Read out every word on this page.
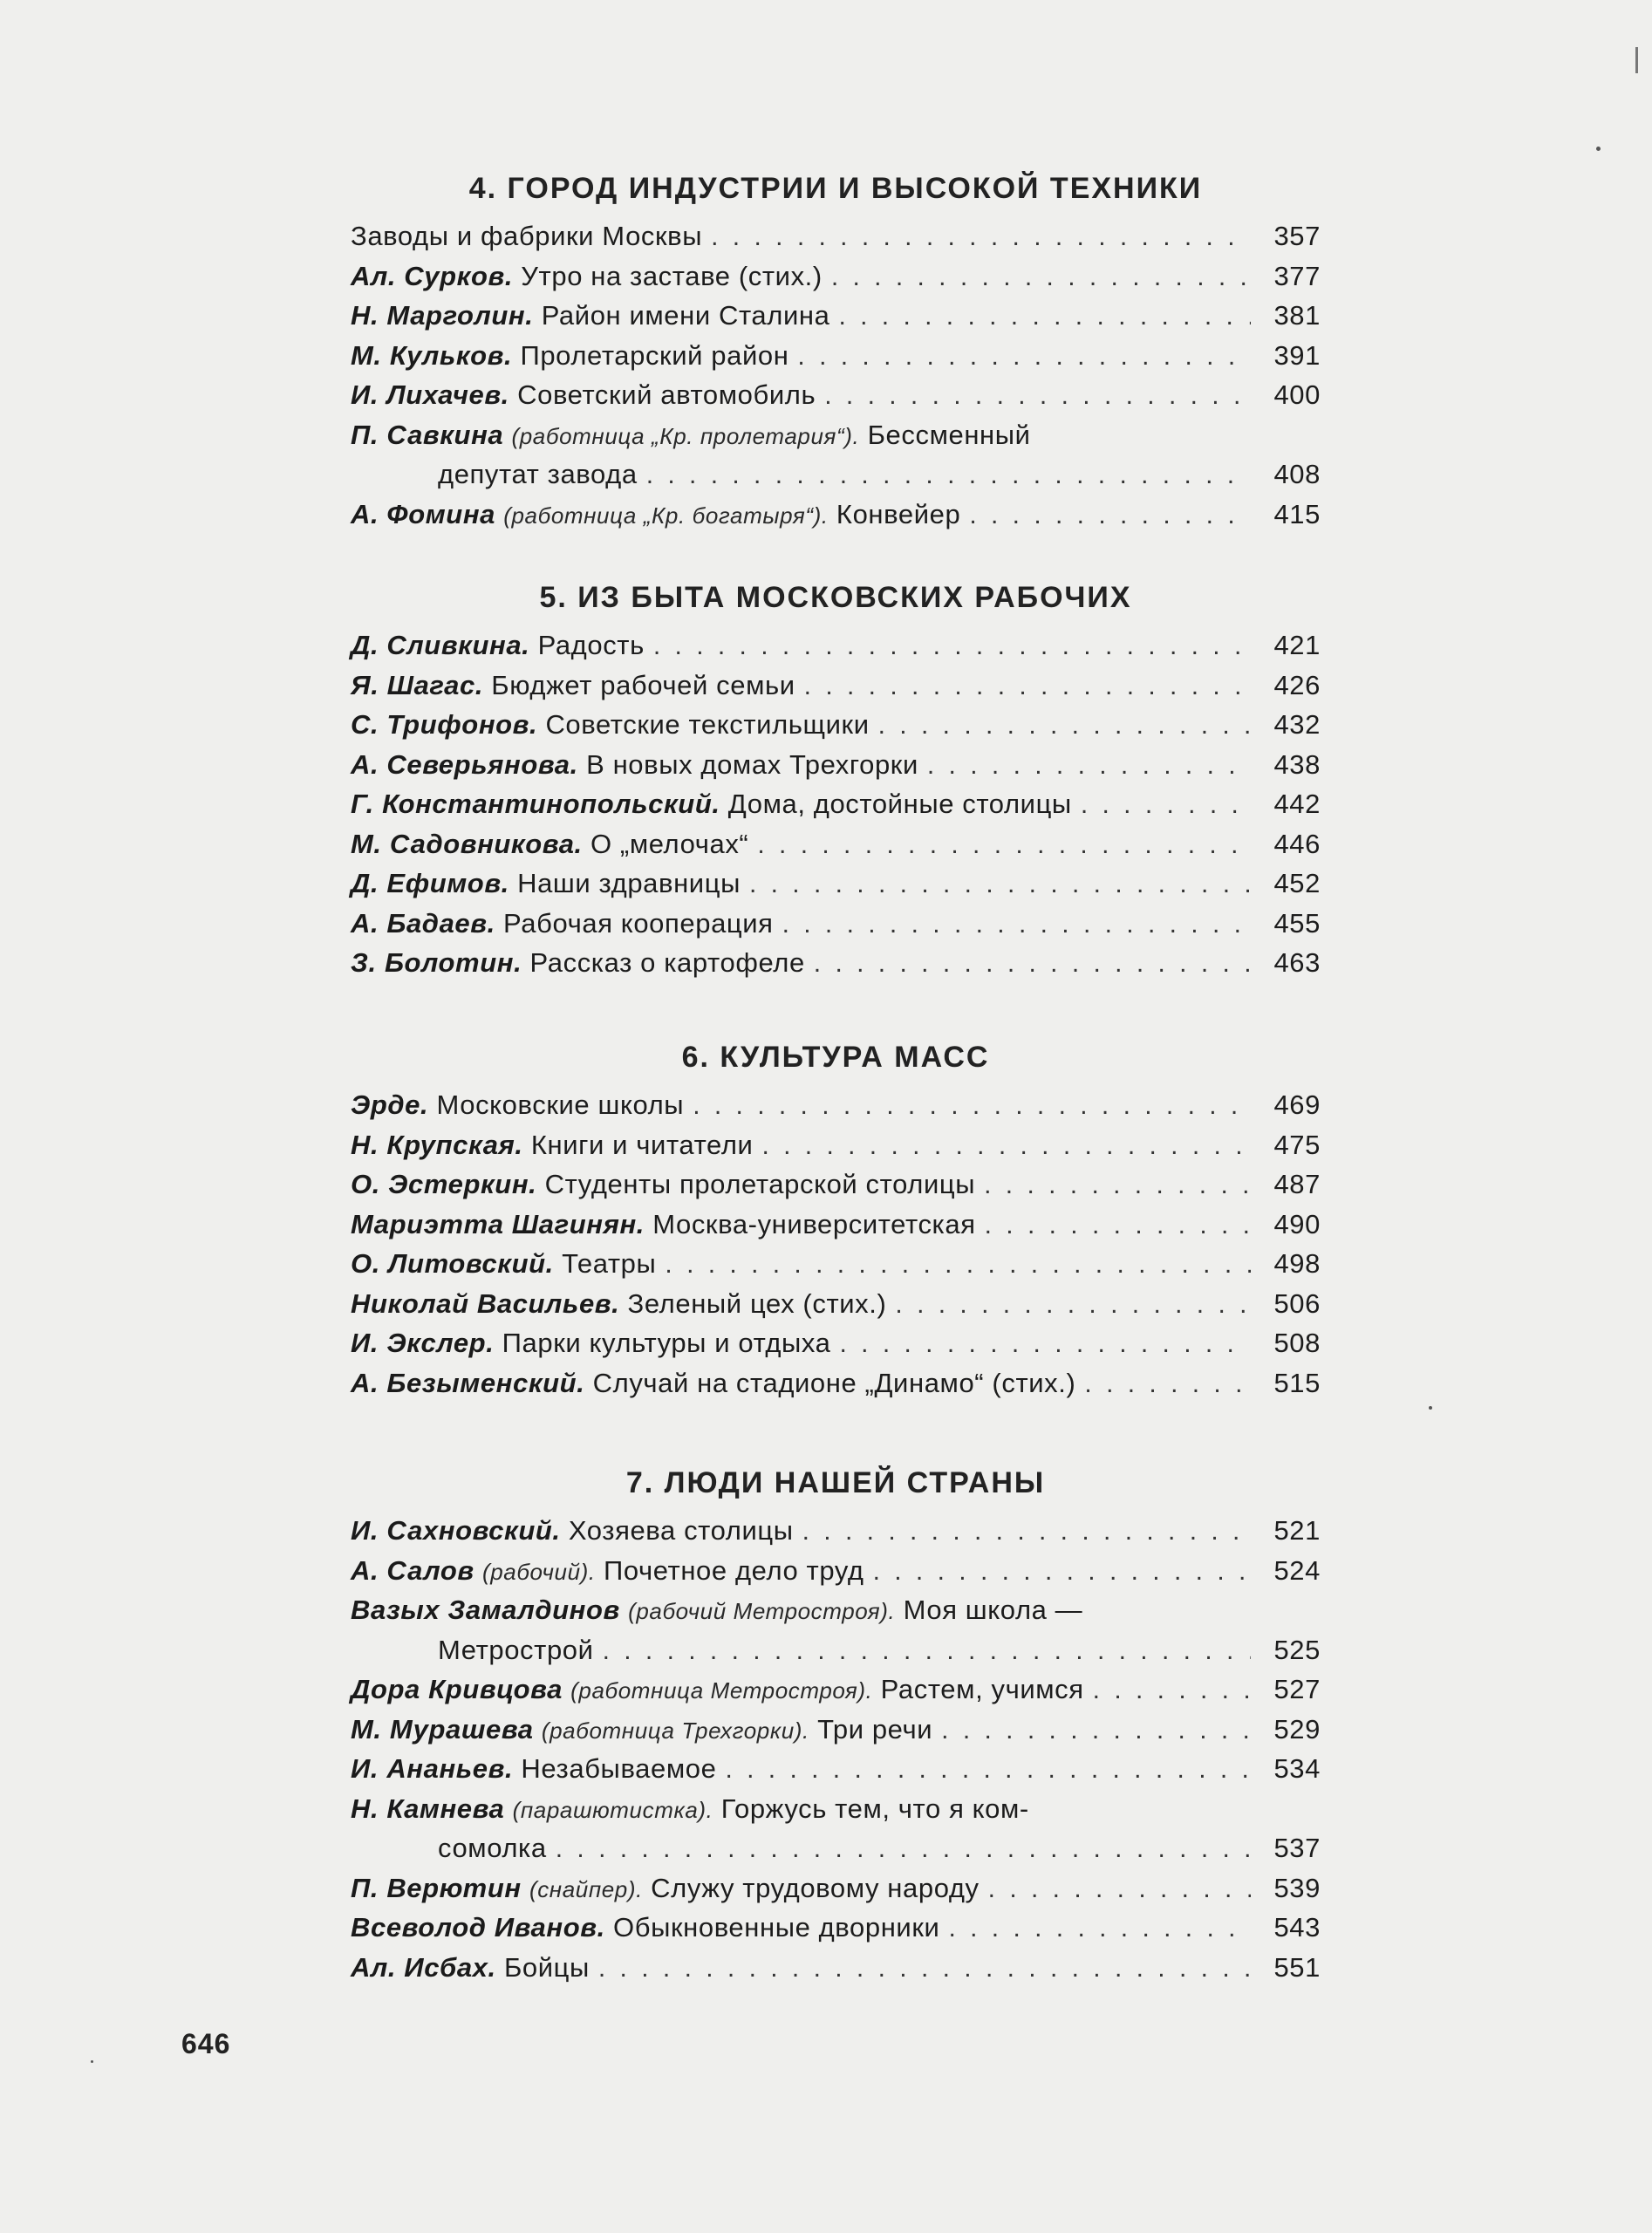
4. ГОРОД ИНДУСТРИИ И ВЫСОКОЙ ТЕХНИКИ
Заводы и фабрики Москвы . . .	357
Ал. Сурков. Утро на заставе (стих.) . . .	377
Н. Марголин. Район имени Сталина . . .	381
М. Кульков. Пролетарский район . . .	391
И. Лихачев. Советский автомобиль . . .	400
П. Савкина (работница „Кр. пролетария“). Бессменный
депутат завода . . .	408
А. Фомина (работница „Кр. богатыря“). Конвейер . . .	415
5. ИЗ БЫТА МОСКОВСКИХ РАБОЧИХ
Д. Сливкина. Радость . . .	421
Я. Шагас. Бюджет рабочей семьи . . .	426
С. Трифонов. Советские текстильщики . . .	432
А. Северьянова. В новых домах Трехгорки . . .	438
Г. Константинопольский. Дома, достойные столицы . . .	442
М. Садовникова. О „мелочах“ . . .	446
Д. Ефимов. Наши здравницы . . .	452
А. Бадаев. Рабочая кооперация . . .	455
З. Болотин. Рассказ о картофеле . . .	463
6. КУЛЬТУРА МАСС
Эрде. Московские школы . . .	469
Н. Крупская. Книги и читатели . . .	475
О. Эстеркин. Студенты пролетарской столицы . . .	487
Мариэтта Шагинян. Москва-университетская . . .	490
О. Литовский. Театры . . .	498
Николай Васильев. Зеленый цех (стих.) . . .	506
И. Экслер. Парки культуры и отдыха . . .	508
А. Безыменский. Случай на стадионе „Динамо“ (стих.) . . .	515
7. ЛЮДИ НАШЕЙ СТРАНЫ
И. Сахновский. Хозяева столицы . . .	521
А. Салов (рабочий). Почетное дело труд . . .	524
Вазых Замалдинов (рабочий Метростроя). Моя школа —
Метрострой . . .	525
Дора Кривцова (работница Метростроя). Растем, учимся . . .	527
М. Мурашева (работница Трехгорки). Три речи . . .	529
И. Ананьев. Незабываемое . . .	534
Н. Камнева (парашютистка). Горжусь тем, что я ком-
сомолка . . .	537
П. Верютин (снайпер). Служу трудовому народу . . .	539
Всеволод Иванов. Обыкновенные дворники . . .	543
Ал. Исбах. Бойцы . . .	551
646
